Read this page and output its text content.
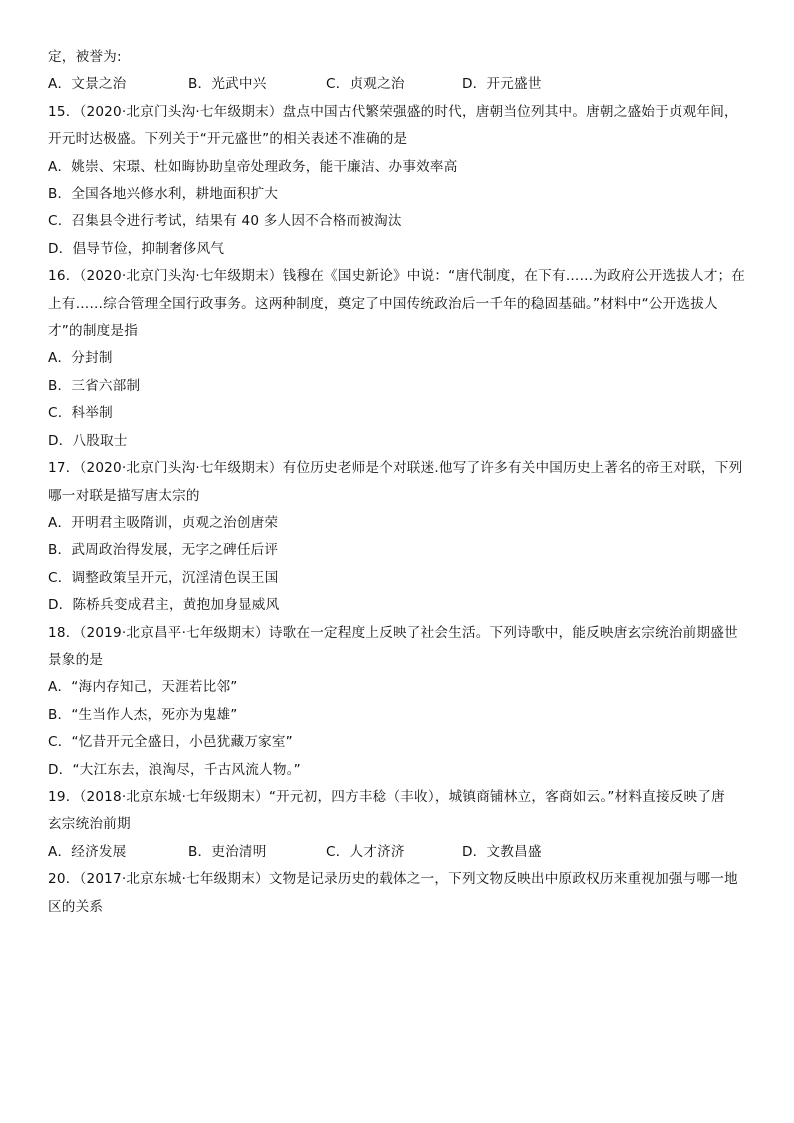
定，被誉为:
A．文景之治	B．光武中兴	C．贞观之治	D．开元盛世
15．（2020·北京门头沟·七年级期末）盘点中国古代繁荣强盛的时代，唐朝当位列其中。唐朝之盛始于贞观年间，
开元时达极盛。下列关于“开元盛世”的相关表述不准确的是
A．姚崇、宋璟、杜如晦协助皇帝处理政务，能干廉洁、办事效率高
B．全国各地兴修水利，耕地面积扩大
C．召集县令进行考试，结果有 40 多人因不合格而被淘汰
D．倡导节俭，抑制奢侈风气
16．（2020·北京门头沟·七年级期末）钱穆在《国史新论》中说：“唐代制度，在下有……为政府公开选拔人才；在
上有……综合管理全国行政事务。这两种制度，奠定了中国传统政治后一千年的稳固基础。”材料中“公开选拔人
才”的制度是指
A．分封制
B．三省六部制
C．科举制
D．八股取士
17．（2020·北京门头沟·七年级期末）有位历史老师是个对联迷.他写了许多有关中国历史上著名的帝王对联，下列
哪一对联是描写唐太宗的
A．开明君主吸隋训，贞观之治创唐荣
B．武周政治得发展，无字之碑任后评
C．调整政策呈开元，沉淫清色误王国
D．陈桥兵变成君主，黄抱加身显威风
18．（2019·北京昌平·七年级期末）诗歌在一定程度上反映了社会生活。下列诗歌中，能反映唐玄宗统治前期盛世
景象的是
A．“海内存知己，天涯若比邻”
B．“生当作人杰，死亦为鬼雄”
C．“忆昔开元全盛日，小邑犹藏万家室”
D．“大江东去，浪淘尽，千古风流人物。”
19．（2018·北京东城·七年级期末）“开元初，四方丰稔（丰收），城镇商铺林立，客商如云。”材料直接反映了唐
玄宗统治前期
A．经济发展	B．吏治清明	C．人才济济	D．文教昌盛
20．（2017·北京东城·七年级期末）文物是记录历史的载体之一，下列文物反映出中原政权历来重视加强与哪一地
区的关系
